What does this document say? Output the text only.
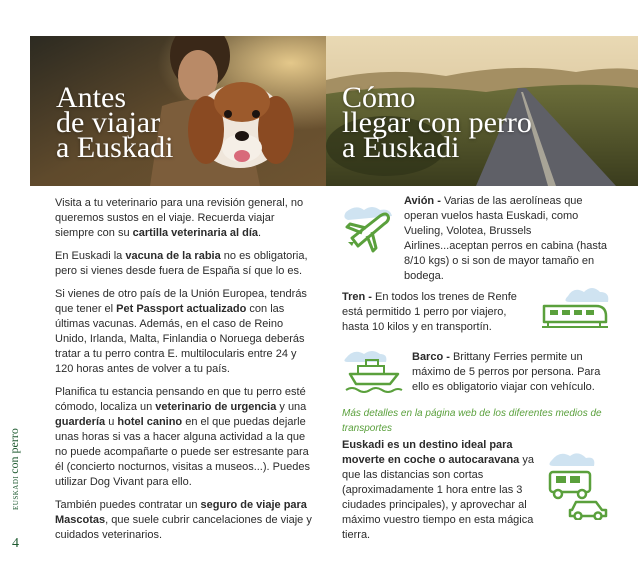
Antes
de viajar
a Euskadi
Cómo
llegar con perro
a Euskadi
EUSKADIcon perro
4

Visita a tu veterinario para una revisión general, no queremos sustos en el viaje. Recuerda viajar siempre con su cartilla veterinaria al día.

En Euskadi la vacuna de la rabia no es obligatoria, pero si vienes desde fuera de España sí que lo es.

Si vienes de otro país de la Unión Europea, tendrás que tener el Pet Passport actualizado con las últimas vacunas. Además, en el caso de Reino Unido, Irlanda, Malta, Finlandia o Noruega deberás tratar a tu perro contra E. multilocularis entre 24 y 120 horas antes de volver a tu país.

Planifica tu estancia pensando en que tu perro esté cómodo, localiza un veterinario de urgencia y una guardería u hotel canino en el que puedas dejarle unas horas si vas a hacer alguna actividad a la que no puede acompañarte o puede ser estresante para él (concierto nocturnos, visitas a museos...). Puedes utilizar Dog Vivant para ello.

También puedes contratar un seguro de viaje para Mascotas, que suele cubrir cancelaciones de viaje y cuidados veterinarios.

Avión - Varias de las aerolíneas que operan vuelos hasta Euskadi, como Vueling, Volotea, Brussels Airlines...aceptan perros en cabina (hasta 8/10 kgs) o si son de mayor tamaño en bodega.

Tren - En todos los trenes de Renfe está permitido 1 perro por viajero, hasta 10 kilos y en transportín.

Barco - Brittany Ferries permite un máximo de 5 perros por persona. Para ello es obligatorio viajar con vehículo.

Más detalles en la página web de los diferentes medios de transportes

Euskadi es un destino ideal para moverte en coche o autocaravana ya que las distancias son cortas (aproximadamente 1 hora entre las 3 ciudades principales), y aprovechar al máximo vuestro tiempo en esta mágica tierra.
